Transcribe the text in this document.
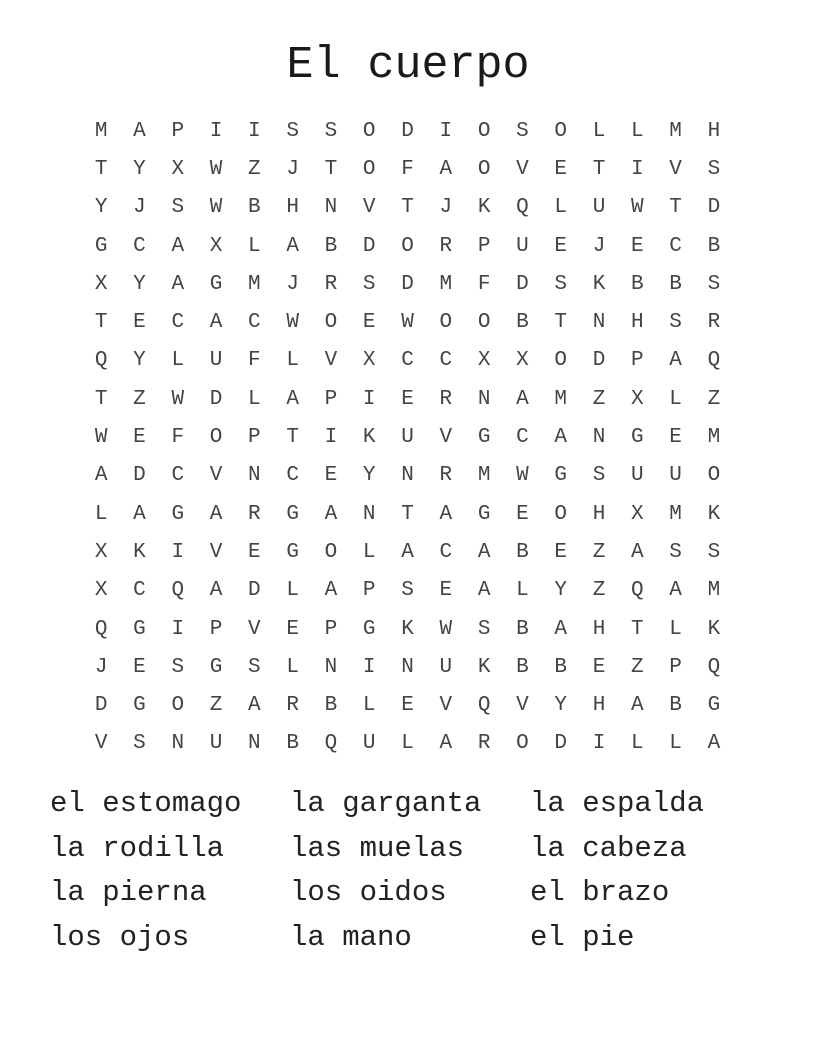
El cuerpo
M	A	P	I	I	S	S	O	D	I	O	S	O	L	L	M	H
T	Y	X	W	Z	J	T	O	F	A	O	V	E	T	I	V	S
Y	J	S	W	B	H	N	V	T	J	K	Q	L	U	W	T	D
G	C	A	X	L	A	B	D	O	R	P	U	E	J	E	C	B
X	Y	A	G	M	J	R	S	D	M	F	D	S	K	B	B	S
T	E	C	A	C	W	O	E	W	O	O	B	T	N	H	S	R
Q	Y	L	U	F	L	V	X	C	C	X	X	O	D	P	A	Q
T	Z	W	D	L	A	P	I	E	R	N	A	M	Z	X	L	Z
W	E	F	O	P	T	I	K	U	V	G	C	A	N	G	E	M
A	D	C	V	N	C	E	Y	N	R	M	W	G	S	U	U	O
L	A	G	A	R	G	A	N	T	A	G	E	O	H	X	M	K
X	K	I	V	E	G	O	L	A	C	A	B	E	Z	A	S	S
X	C	Q	A	D	L	A	P	S	E	A	L	Y	Z	Q	A	M
Q	G	I	P	V	E	P	G	K	W	S	B	A	H	T	L	K
J	E	S	G	S	L	N	I	N	U	K	B	B	E	Z	P	Q
D	G	O	Z	A	R	B	L	E	V	Q	V	Y	H	A	B	G
V	S	N	U	N	B	Q	U	L	A	R	O	D	I	L	L	A
el estomago	la garganta	la espalda
la rodilla	las muelas	la cabeza
la pierna	los oidos	el brazo
los ojos	la mano	el pie
